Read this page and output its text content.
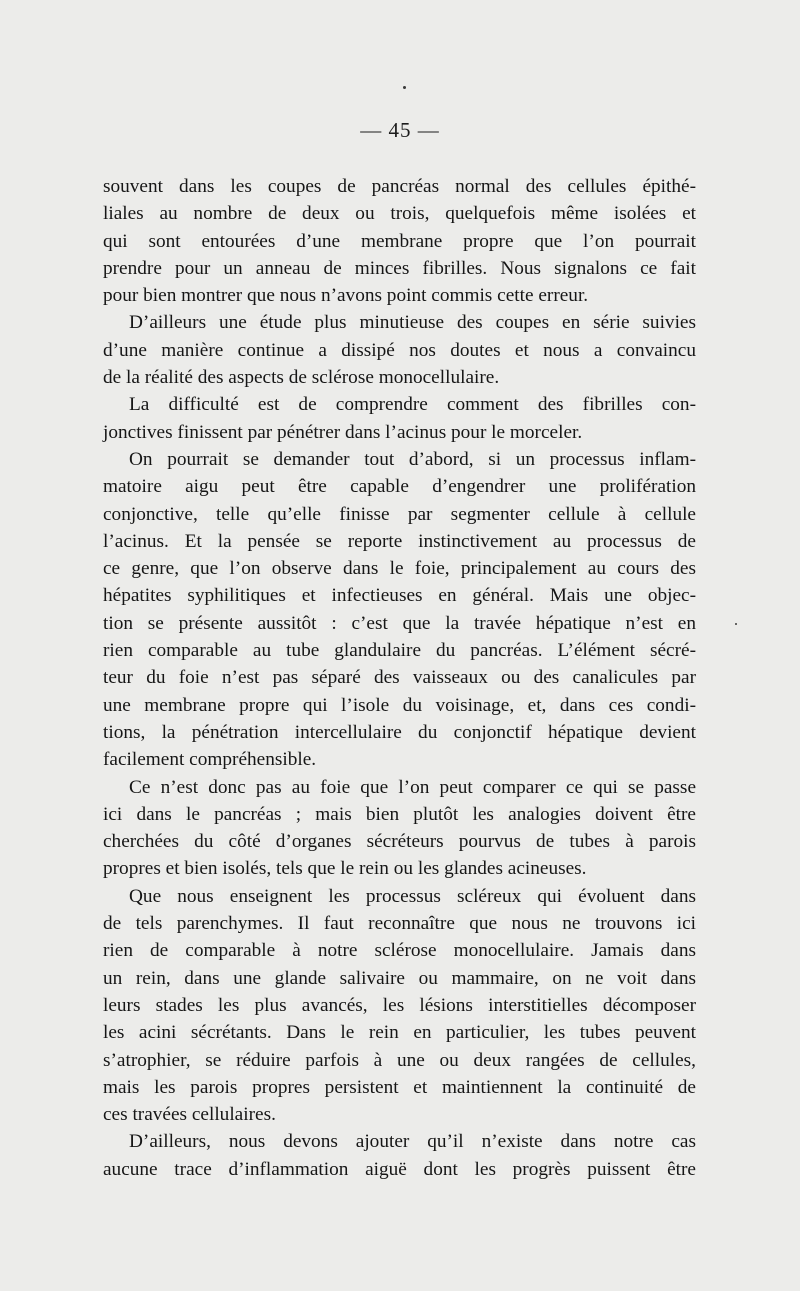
— 45 —
souvent dans les coupes de pancréas normal des cellules épithé-
liales au nombre de deux ou trois, quelquefois même isolées et
qui sont entourées d’une membrane propre que l’on pourrait
prendre pour un anneau de minces fibrilles. Nous signalons ce fait
pour bien montrer que nous n’avons point commis cette erreur.
D’ailleurs une étude plus minutieuse des coupes en série suivies
d’une manière continue a dissipé nos doutes et nous a convaincu
de la réalité des aspects de sclérose monocellulaire.
La difficulté est de comprendre comment des fibrilles con-
jonctives finissent par pénétrer dans l’acinus pour le morceler.
On pourrait se demander tout d’abord, si un processus inflam-
matoire aigu peut être capable d’engendrer une prolifération
conjonctive, telle qu’elle finisse par segmenter cellule à cellule
l’acinus. Et la pensée se reporte instinctivement au processus de
ce genre, que l’on observe dans le foie, principalement au cours des
hépatites syphilitiques et infectieuses en général. Mais une objec-
tion se présente aussitôt : c’est que la travée hépatique n’est en
rien comparable au tube glandulaire du pancréas. L’élément sécré-
teur du foie n’est pas séparé des vaisseaux ou des canalicules par
une membrane propre qui l’isole du voisinage, et, dans ces condi-
tions, la pénétration intercellulaire du conjonctif hépatique devient
facilement compréhensible.
Ce n’est donc pas au foie que l’on peut comparer ce qui se passe
ici dans le pancréas ; mais bien plutôt les analogies doivent être
cherchées du côté d’organes sécréteurs pourvus de tubes à parois
propres et bien isolés, tels que le rein ou les glandes acineuses.
Que nous enseignent les processus scléreux qui évoluent dans
de tels parenchymes. Il faut reconnaître que nous ne trouvons ici
rien de comparable à notre sclérose monocellulaire. Jamais dans
un rein, dans une glande salivaire ou mammaire, on ne voit dans
leurs stades les plus avancés, les lésions interstitielles décomposer
les acini sécrétants. Dans le rein en particulier, les tubes peuvent
s’atrophier, se réduire parfois à une ou deux rangées de cellules,
mais les parois propres persistent et maintiennent la continuité de
ces travées cellulaires.
D’ailleurs, nous devons ajouter qu’il n’existe dans notre cas
aucune trace d’inflammation aiguë dont les progrès puissent être
